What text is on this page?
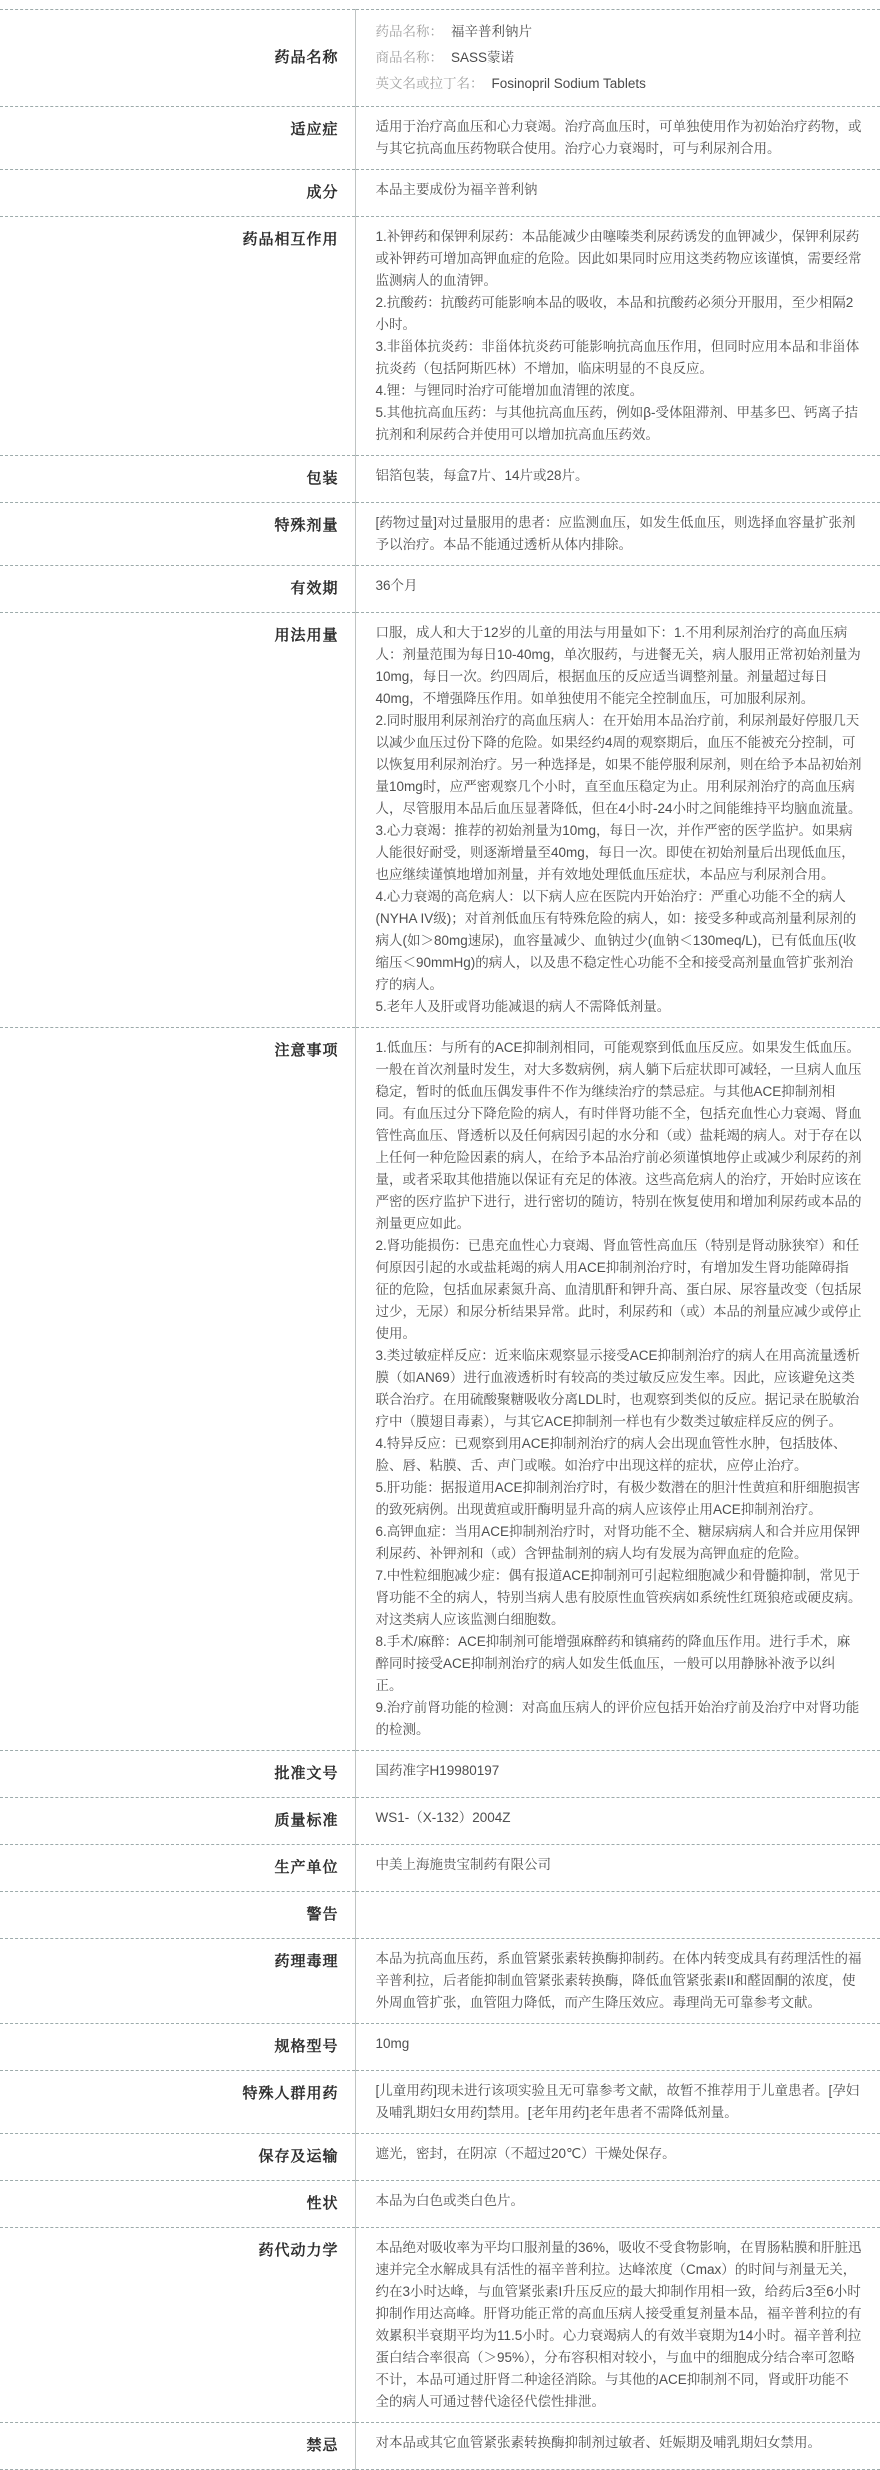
药品名称	药品名称： 福辛普利钠片
商品名称： SASS蒙诺
英文名或拉丁名： Fosinopril Sodium Tablets

适应症	适用于治疗高血压和心力衰竭。治疗高血压时，可单独使用作为初始治疗药物，或与其它抗高血压药物联合使用。治疗心力衰竭时，可与利尿剂合用。

成分	本品主要成份为福辛普利钠

药品相互作用	1.补钾药和保钾利尿药：本品能减少由噻嗪类利尿药诱发的血钾减少，保钾利尿药或补钾药可增加高钾血症的危险。因此如果同时应用这类药物应该谨慎，需要经常监测病人的血清钾。

2.抗酸药：抗酸药可能影响本品的吸收，本品和抗酸药必须分开服用，至少相隔2小时。

3.非甾体抗炎药：非甾体抗炎药可能影响抗高血压作用，但同时应用本品和非甾体抗炎药（包括阿斯匹林）不增加，临床明显的不良反应。

4.锂：与锂同时治疗可能增加血清锂的浓度。

5.其他抗高血压药：与其他抗高血压药，例如β-受体阻滞剂、甲基多巴、钙离子拮抗剂和利尿药合并使用可以增加抗高血压药效。

包装	铝箔包装，每盒7片、14片或28片。

特殊剂量	[药物过量]对过量服用的患者：应监测血压，如发生低血压，则选择血容量扩张剂予以治疗。本品不能通过透析从体内排除。

有效期	36个月

用法用量	口服，成人和大于12岁的儿童的用法与用量如下：1.不用利尿剂治疗的高血压病人：剂量范围为每日10-40mg，单次服药，与进餐无关，病人服用正常初始剂量为10mg，每日一次。约四周后，根据血压的反应适当调整剂量。剂量超过每日40mg，不增强降压作用。如单独使用不能完全控制血压，可加服利尿剂。

2.同时服用利尿剂治疗的高血压病人：在开始用本品治疗前，利尿剂最好停服几天以减少血压过份下降的危险。如果经约4周的观察期后，血压不能被充分控制，可以恢复用利尿剂治疗。另一种选择是，如果不能停服利尿剂，则在给予本品初始剂量10mg时，应严密观察几个小时，直至血压稳定为止。用利尿剂治疗的高血压病人，尽管服用本品后血压显著降低，但在4小时-24小时之间能维持平均脑血流量。

3.心力衰竭：推荐的初始剂量为10mg，每日一次，并作严密的医学监护。如果病人能很好耐受，则逐渐增量至40mg，每日一次。即使在初始剂量后出现低血压，也应继续谨慎地增加剂量，并有效地处理低血压症状，本品应与利尿剂合用。

4.心力衰竭的高危病人：以下病人应在医院内开始治疗：严重心功能不全的病人(NYHA IV级)；对首剂低血压有特殊危险的病人，如：接受多种或高剂量利尿剂的病人(如＞80mg速尿)，血容量减少、血钠过少(血钠＜130meq/L)，已有低血压(收缩压＜90mmHg)的病人，以及患不稳定性心功能不全和接受高剂量血管扩张剂治疗的病人。

5.老年人及肝或肾功能减退的病人不需降低剂量。

注意事项	1.低血压：与所有的ACE抑制剂相同，可能观察到低血压反应。如果发生低血压。一般在首次剂量时发生，对大多数病例，病人躺下后症状即可减轻，一旦病人血压稳定，暂时的低血压偶发事件不作为继续治疗的禁忌症。与其他ACE抑制剂相同。有血压过分下降危险的病人，有时伴肾功能不全，包括充血性心力衰竭、肾血管性高血压、肾透析以及任何病因引起的水分和（或）盐耗竭的病人。对于存在以上任何一种危险因素的病人，在给予本品治疗前必须谨慎地停止或减少利尿药的剂量，或者采取其他措施以保证有充足的体液。这些高危病人的治疗，开始时应该在严密的医疗监护下进行，进行密切的随访，特别在恢复使用和增加利尿药或本品的剂量更应如此。

2.肾功能损伤：已患充血性心力衰竭、肾血管性高血压（特别是肾动脉狭窄）和任何原因引起的水或盐耗竭的病人用ACE抑制剂治疗时，有增加发生肾功能障碍指征的危险，包括血尿素氮升高、血清肌酐和钾升高、蛋白尿、尿容量改变（包括尿过少，无尿）和尿分析结果异常。此时，利尿药和（或）本品的剂量应减少或停止使用。

3.类过敏症样反应：近来临床观察显示接受ACE抑制剂治疗的病人在用高流量透析膜（如AN69）进行血液透析时有较高的类过敏反应发生率。因此，应该避免这类联合治疗。在用硫酸聚糖吸收分离LDL时，也观察到类似的反应。据记录在脱敏治疗中（膜翅目毒素），与其它ACE抑制剂一样也有少数类过敏症样反应的例子。

4.特异反应：已观察到用ACE抑制剂治疗的病人会出现血管性水肿，包括肢体、脸、唇、粘膜、舌、声门或喉。如治疗中出现这样的症状，应停止治疗。

5.肝功能：据报道用ACE抑制剂治疗时，有极少数潜在的胆汁性黄疸和肝细胞损害的致死病例。出现黄疸或肝酶明显升高的病人应该停止用ACE抑制剂治疗。

6.高钾血症：当用ACE抑制剂治疗时，对肾功能不全、糖尿病病人和合并应用保钾利尿药、补钾剂和（或）含钾盐制剂的病人均有发展为高钾血症的危险。

7.中性粒细胞减少症：偶有报道ACE抑制剂可引起粒细胞减少和骨髓抑制，常见于肾功能不全的病人，特别当病人患有胶原性血管疾病如系统性红斑狼疮或硬皮病。对这类病人应该监测白细胞数。

8.手术/麻醉：ACE抑制剂可能增强麻醉药和镇痛药的降血压作用。进行手术，麻醉同时接受ACE抑制剂治疗的病人如发生低血压，一般可以用静脉补液予以纠正。

9.治疗前肾功能的检测：对高血压病人的评价应包括开始治疗前及治疗中对肾功能的检测。

批准文号	国药准字H19980197

质量标准	WS1-（X-132）2004Z

生产单位	中美上海施贵宝制药有限公司

警告	

药理毒理	本品为抗高血压药，系血管紧张素转换酶抑制药。在体内转变成具有药理活性的福辛普利拉，后者能抑制血管紧张素转换酶，降低血管紧张素II和醛固酮的浓度，使外周血管扩张，血管阻力降低，而产生降压效应。毒理尚无可靠参考文献。

规格型号	10mg

特殊人群用药	[儿童用药]现未进行该项实验且无可靠参考文献，故暂不推荐用于儿童患者。[孕妇及哺乳期妇女用药]禁用。[老年用药]老年患者不需降低剂量。

保存及运输	遮光，密封，在阴凉（不超过20℃）干燥处保存。

性状	本品为白色或类白色片。

药代动力学	本品绝对吸收率为平均口服剂量的36%，吸收不受食物影响，在胃肠粘膜和肝脏迅速并完全水解成具有活性的福辛普利拉。达峰浓度（Cmax）的时间与剂量无关，约在3小时达峰，与血管紧张素I升压反应的最大抑制作用相一致，给药后3至6小时抑制作用达高峰。肝肾功能正常的高血压病人接受重复剂量本品，福辛普利拉的有效累积半衰期平均为11.5小时。心力衰竭病人的有效半衰期为14小时。福辛普利拉蛋白结合率很高（＞95%），分布容积相对较小，与血中的细胞成分结合率可忽略不计，本品可通过肝肾二种途径消除。与其他的ACE抑制剂不同，肾或肝功能不全的病人可通过替代途径代偿性排泄。

禁忌	对本品或其它血管紧张素转换酶抑制剂过敏者、妊娠期及哺乳期妇女禁用。
